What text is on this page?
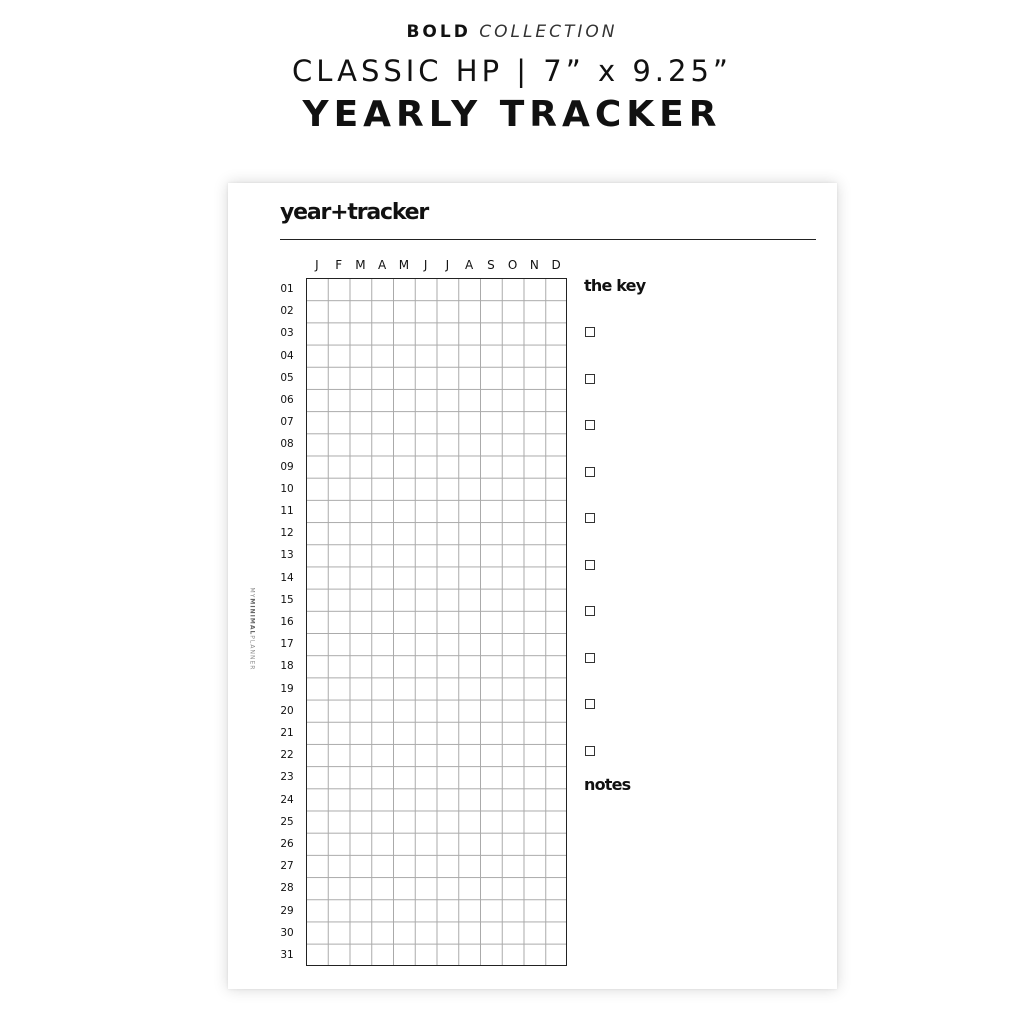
BOLD COLLECTION
CLASSIC HP | 7” x 9.25”
YEARLY TRACKER
year+tracker
MYMINIMALPLANNER
J	F	M	A	M	J	J	A	S	O	N	D
01
02
03
04
05
06
07
08
09
10
11
12
13
14
15
16
17
18
19
20
21
22
23
24
25
26
27
28
29
30
31
the key
notes
